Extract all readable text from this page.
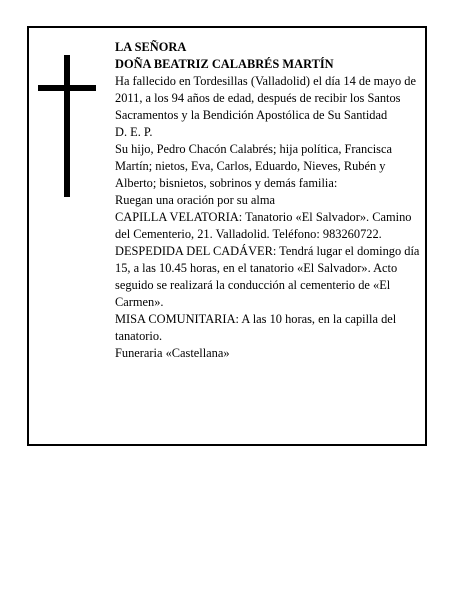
LA SEÑORA

DOÑA BEATRIZ CALABRÉS MARTÍN

Ha fallecido en Tordesillas (Valladolid) el día 14 de mayo de 2011, a los 94 años de edad, después de recibir los Santos Sacramentos y la Bendición Apostólica de Su Santidad

D. E. P.

Su hijo, Pedro Chacón Calabrés; hija política, Francisca Martín; nietos, Eva, Carlos, Eduardo, Nieves, Rubén y Alberto; bisnietos, sobrinos y demás familia:

Ruegan una oración por su alma

CAPILLA VELATORIA: Tanatorio «El Salvador». Camino del Cementerio, 21. Valladolid. Teléfono: 983260722.

DESPEDIDA DEL CADÁVER: Tendrá lugar el domingo día 15, a las 10.45 horas, en el tanatorio «El Salvador». Acto seguido se realizará la conducción al cementerio de «El Carmen».

MISA COMUNITARIA: A las 10 horas, en la capilla del tanatorio.

Funeraria «Castellana»
